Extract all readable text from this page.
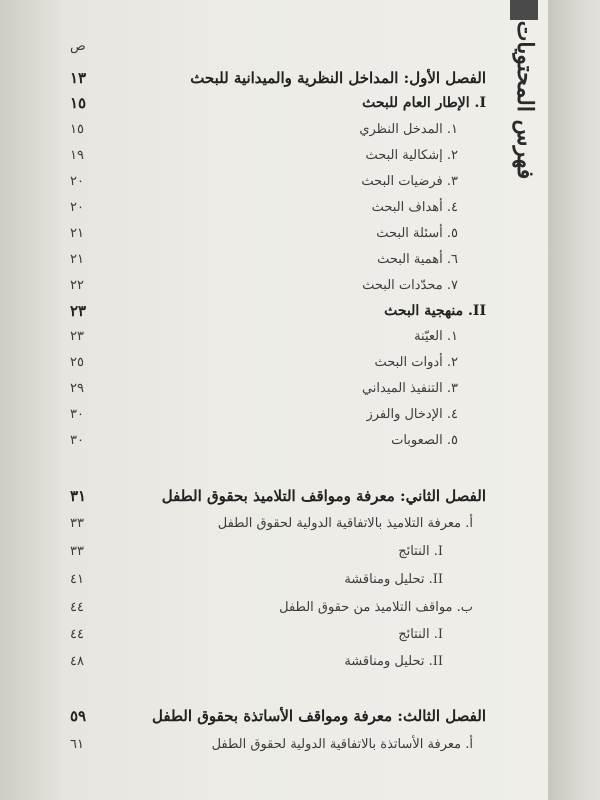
فهرس المحتويات
ص
الفصل الأول: المداخل النظرية والميدانية للبحث
١٣
I. الإطار العام للبحث
١٥
١. المدخل النظري
١٥
٢. إشكالية البحث
١٩
٣. فرضيات البحث
٢٠
٤. أهداف البحث
٢٠
٥. أسئلة البحث
٢١
٦. أهمية البحث
٢١
٧. محدّدات البحث
٢٢
II. منهجية البحث
٢٣
١. العيّنة
٢٣
٢. أدوات البحث
٢٥
٣. التنفيذ الميداني
٢٩
٤. الإدخال والفرز
٣٠
٥. الصعوبات
٣٠
الفصل الثاني: معرفة ومواقف التلاميذ بحقوق الطفل
٣١
أ. معرفة التلاميذ بالاتفاقية الدولية لحقوق الطفل
٣٣
I. النتائج
٣٣
II. تحليل ومناقشة
٤١
ب. مواقف التلاميذ من حقوق الطفل
٤٤
I. النتائج
٤٤
II. تحليل ومناقشة
٤٨
الفصل الثالث: معرفة ومواقف الأساتذة بحقوق الطفل
٥٩
أ. معرفة الأساتذة بالاتفاقية الدولية لحقوق الطفل
٦١
